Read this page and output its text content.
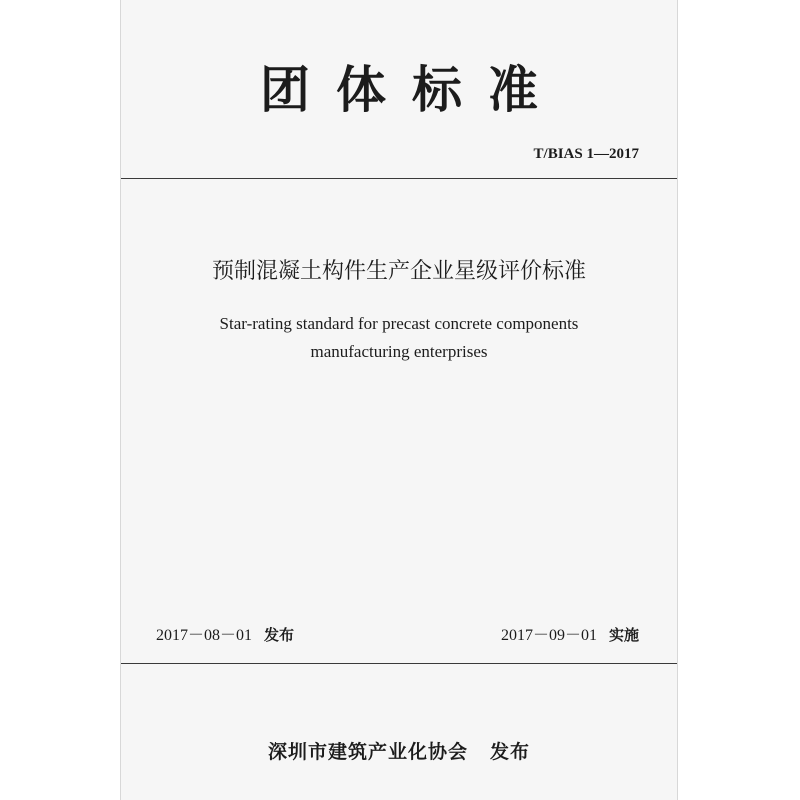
团体标准
T/BIAS 1—2017
预制混凝土构件生产企业星级评价标准
Star-rating standard for precast concrete components
manufacturing enterprises
2017－08－01 发布	2017－09－01 实施
深圳市建筑产业化协会 发布
